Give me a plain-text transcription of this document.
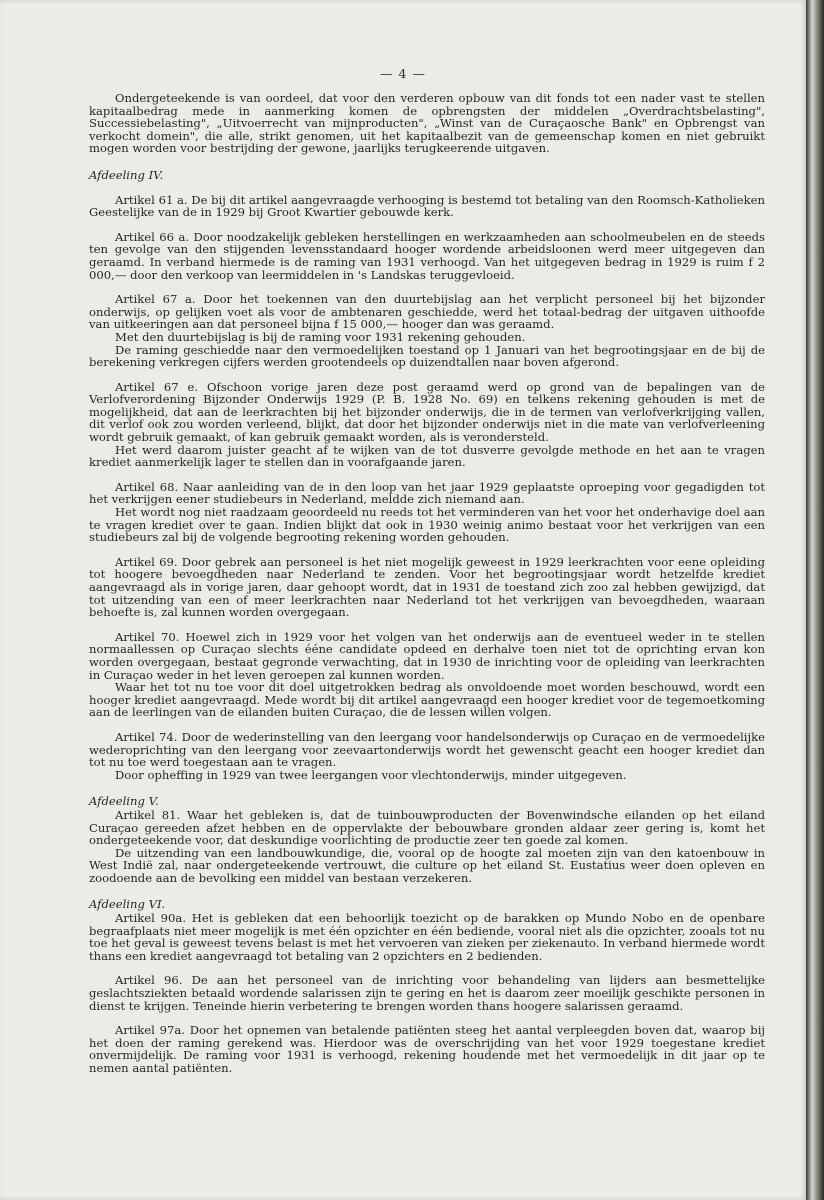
— 4 —

Ondergeteekende is van oordeel, dat voor den verderen opbouw van dit fonds tot een nader vast te stellen kapitaalbedrag mede in aanmerking komen de opbrengsten der middelen „Overdrachtsbelasting", Successiebelasting", „Uitvoerrecht van mijnproducten", „Winst van de Curaçaosche Bank" en Opbrengst van verkocht domein", die alle, strikt genomen, uit het kapitaalbezit van de gemeenschap komen en niet gebruikt mogen worden voor bestrijding der gewone, jaarlijks terugkeerende uitgaven.

Afdeeling IV.

Artikel 61 a. De bij dit artikel aangevraagde verhooging is bestemd tot betaling van den Roomsch-Katholieken Geestelijke van de in 1929 bij Groot Kwartier gebouwde kerk.

Artikel 66 a. Door noodzakelijk gebleken herstellingen en werkzaamheden aan schoolmeubelen en de steeds ten gevolge van den stijgenden levensstandaard hooger wordende arbeidsloonen werd meer uitgegeven dan geraamd. In verband hiermede is de raming van 1931 verhoogd. Van het uitgegeven bedrag in 1929 is ruim f 2 000,— door den verkoop van leermiddelen in 's Landskas teruggevloeid.

Artikel 67 a. Door het toekennen van den duurtebijslag aan het verplicht personeel bij het bijzonder onderwijs, op gelijken voet als voor de ambtenaren geschiedde, werd het totaal-bedrag der uitgaven uithoofde van uitkeeringen aan dat personeel bijna f 15 000,— hooger dan was geraamd.

Met den duurtebijslag is bij de raming voor 1931 rekening gehouden.

De raming geschiedde naar den vermoedelijken toestand op 1 Januari van het begrootingsjaar en de bij de berekening verkregen cijfers werden grootendeels op duizendtallen naar boven afgerond.

Artikel 67 e. Ofschoon vorige jaren deze post geraamd werd op grond van de bepalingen van de Verlofverordening Bijzonder Onderwijs 1929 (P. B. 1928 No. 69) en telkens rekening gehouden is met de mogelijkheid, dat aan de leerkrachten bij het bijzonder onderwijs, die in de termen van verlofverkrijging vallen, dit verlof ook zou worden verleend, blijkt, dat door het bijzonder onderwijs niet in die mate van verlofverleening wordt gebruik gemaakt, of kan gebruik gemaakt worden, als is verondersteld.

Het werd daarom juister geacht af te wijken van de tot dusverre gevolgde methode en het aan te vragen krediet aanmerkelijk lager te stellen dan in voorafgaande jaren.

Artikel 68. Naar aanleiding van de in den loop van het jaar 1929 geplaatste oproeping voor gegadigden tot het verkrijgen eener studiebeurs in Nederland, meldde zich niemand aan.

Het wordt nog niet raadzaam geoordeeld nu reeds tot het verminderen van het voor het onderhavige doel aan te vragen krediet over te gaan. Indien blijkt dat ook in 1930 weinig animo bestaat voor het verkrijgen van een studiebeurs zal bij de volgende begrooting rekening worden gehouden.

Artikel 69. Door gebrek aan personeel is het niet mogelijk geweest in 1929 leerkrachten voor eene opleiding tot hoogere bevoegdheden naar Nederland te zenden. Voor het begrootingsjaar wordt hetzelfde krediet aangevraagd als in vorige jaren, daar gehoopt wordt, dat in 1931 de toestand zich zoo zal hebben gewijzigd, dat tot uitzending van een of meer leerkrachten naar Nederland tot het verkrijgen van bevoegdheden, waaraan behoefte is, zal kunnen worden overgegaan.

Artikel 70. Hoewel zich in 1929 voor het volgen van het onderwijs aan de eventueel weder in te stellen normaallessen op Curaçao slechts ééne candidate opdeed en derhalve toen niet tot de oprichting ervan kon worden overgegaan, bestaat gegronde verwachting, dat in 1930 de inrichting voor de opleiding van leerkrachten in Curaçao weder in het leven geroepen zal kunnen worden.

Waar het tot nu toe voor dit doel uitgetrokken bedrag als onvoldoende moet worden beschouwd, wordt een hooger krediet aangevraagd. Mede wordt bij dit artikel aangevraagd een hooger krediet voor de tegemoetkoming aan de leerlingen van de eilanden buiten Curaçao, die de lessen willen volgen.

Artikel 74. Door de wederinstelling van den leergang voor handelsonderwijs op Curaçao en de vermoedelijke wederoprichting van den leergang voor zeevaartonderwijs wordt het gewenscht geacht een hooger krediet dan tot nu toe werd toegestaan aan te vragen.

Door opheffing in 1929 van twee leergangen voor vlechtonderwijs, minder uitgegeven.

Afdeeling V.

Artikel 81. Waar het gebleken is, dat de tuinbouwproducten der Bovenwindsche eilanden op het eiland Curaçao gereeden afzet hebben en de oppervlakte der bebouwbare gronden aldaar zeer gering is, komt het ondergeteekende voor, dat deskundige voorlichting de productie zeer ten goede zal komen.

De uitzending van een landbouwkundige, die, vooral op de hoogte zal moeten zijn van den katoenbouw in West Indië zal, naar ondergeteekende vertrouwt, die culture op het eiland St. Eustatius weer doen opleven en zoodoende aan de bevolking een middel van bestaan verzekeren.

Afdeeling VI.

Artikel 90a. Het is gebleken dat een behoorlijk toezicht op de barakken op Mundo Nobo en de openbare begraafplaats niet meer mogelijk is met één opzichter en één bediende, vooral niet als die opzichter, zooals tot nu toe het geval is geweest tevens belast is met het vervoeren van zieken per ziekenauto. In verband hiermede wordt thans een krediet aangevraagd tot betaling van 2 opzichters en 2 bedienden.

Artikel 96. De aan het personeel van de inrichting voor behandeling van lijders aan besmettelijke geslachtsziekten betaald wordende salarissen zijn te gering en het is daarom zeer moeilijk geschikte personen in dienst te krijgen. Teneinde hierin verbetering te brengen worden thans hoogere salarissen geraamd.

Artikel 97a. Door het opnemen van betalende patiënten steeg het aantal verpleegden boven dat, waarop bij het doen der raming gerekend was. Hierdoor was de overschrijding van het voor 1929 toegestane krediet onvermijdelijk. De raming voor 1931 is verhoogd, rekening houdende met het vermoedelijk in dit jaar op te nemen aantal patiënten.
